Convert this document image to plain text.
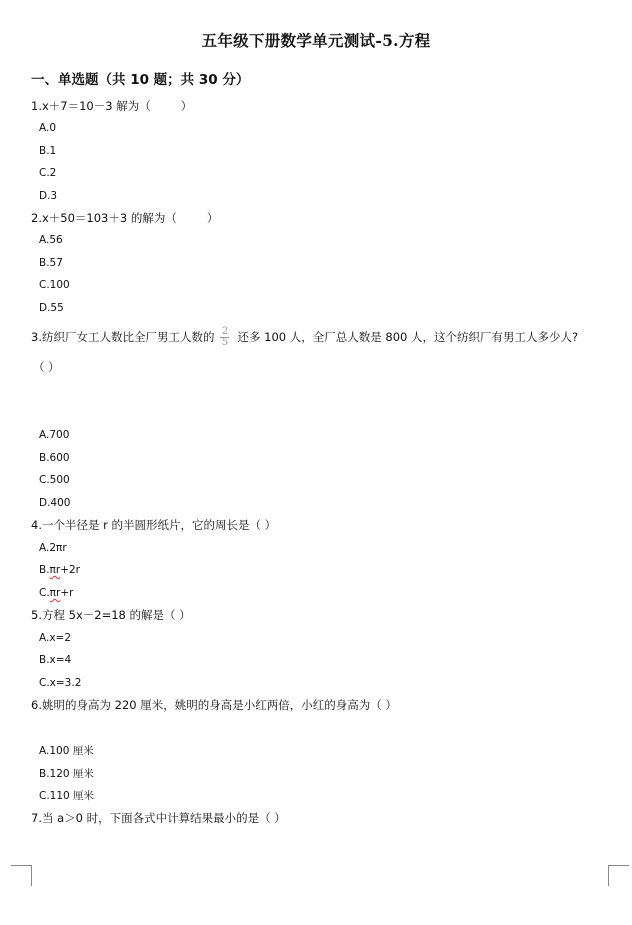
五年级下册数学单元测试-5.方程
一、单选题（共 10 题；共 30 分）
1.x＋7＝10－3 解为（	）
A.0
B.1
C.2
D.3
2.x＋50＝103＋3 的解为（	）
A.56
B.57
C.100
D.55
3.纺织厂女工人数比全厂男工人数的 $\frac{2}{5}$ 还多 100 人，全厂总人数是 800 人，这个纺织厂有男工人多少人?
（ ）
A.700
B.600
C.500
D.400
4.一个半径是 r 的半圆形纸片，它的周长是（ ）
A.2πr
B.πr+2r
C.πr+r
5.方程 5x－2=18 的解是（ ）
A.x=2
B.x=4
C.x=3.2
6.姚明的身高为 220 厘米，姚明的身高是小红两倍，小红的身高为（ ）
A.100 厘米
B.120 厘米
C.110 厘米
7.当 a＞0 时，下面各式中计算结果最小的是（ ）
